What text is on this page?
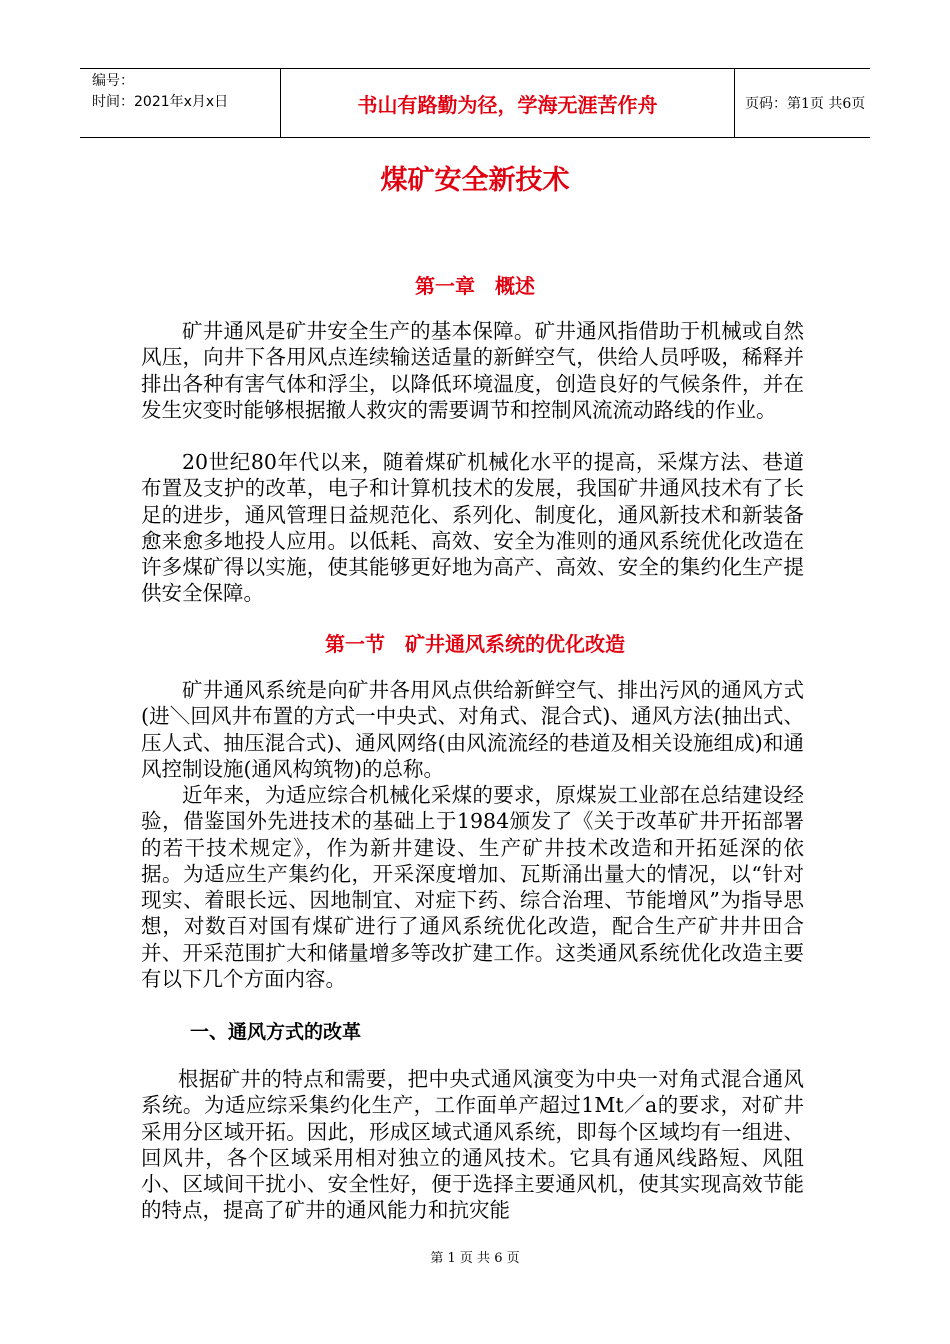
编号：
时间：2021年x月x日	书山有路勤为径，学海无涯苦作舟	页码：第1页 共6页
煤矿安全新技术
第一章　概述

矿井通风是矿井安全生产的基本保障。矿井通风指借助于机械或自然风压，向井下各用风点连续输送适量的新鲜空气，供给人员呼吸，稀释并排出各种有害气体和浮尘，以降低环境温度，创造良好的气候条件，并在发生灾变时能够根据撤人救灾的需要调节和控制风流流动路线的作业。

20世纪80年代以来，随着煤矿机械化水平的提高，采煤方法、巷道布置及支护的改革，电子和计算机技术的发展，我国矿井通风技术有了长足的进步，通风管理日益规范化、系列化、制度化，通风新技术和新装备愈来愈多地投人应用。以低耗、高效、安全为准则的通风系统优化改造在许多煤矿得以实施，使其能够更好地为高产、高效、安全的集约化生产提供安全保障。

第一节　矿井通风系统的优化改造

矿井通风系统是向矿井各用风点供给新鲜空气、排出污风的通风方式(进＼回风井布置的方式一中央式、对角式、混合式)、通风方法(抽出式、压人式、抽压混合式)、通风网络(由风流流经的巷道及相关设施组成)和通风控制设施(通风构筑物)的总称。

近年来，为适应综合机械化采煤的要求，原煤炭工业部在总结建设经验，借鉴国外先进技术的基础上于1984颁发了《关于改革矿井开拓部署的若干技术规定》，作为新井建设、生产矿井技术改造和开拓延深的依据。为适应生产集约化，开采深度增加、瓦斯涌出量大的情况，以“针对现实、着眼长远、因地制宜、对症下药、综合治理、节能增风”为指导思想，对数百对国有煤矿进行了通风系统优化改造，配合生产矿井井田合并、开采范围扩大和储量增多等改扩建工作。这类通风系统优化改造主要有以下几个方面内容。

一、通风方式的改革

根据矿井的特点和需要，把中央式通风演变为中央一对角式混合通风系统。为适应综采集约化生产，工作面单产超过1Mt／a的要求，对矿井采用分区域开拓。因此，形成区域式通风系统，即每个区域均有一组进、回风井，各个区域采用相对独立的通风技术。它具有通风线路短、风阻小、区域间干扰小、安全性好，便于选择主要通风机，使其实现高效节能的特点，提高了矿井的通风能力和抗灾能

第 1 页 共 6 页
